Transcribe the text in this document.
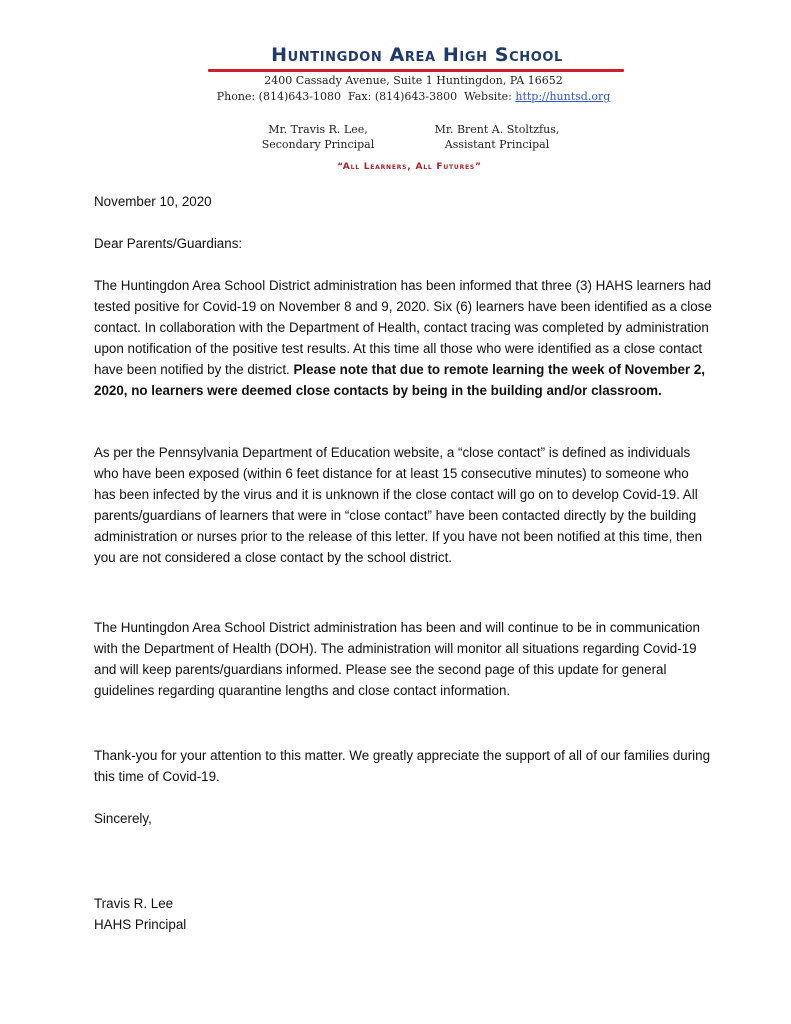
Huntingdon Area High School
2400 Cassady Avenue, Suite 1 Huntingdon, PA 16652
Phone: (814)643-1080 Fax: (814)643-3800 Website: http://huntsd.org
Mr. Travis R. Lee,
Secondary Principal
Mr. Brent A. Stoltzfus,
Assistant Principal
“All Learners, All Futures”
November 10, 2020
Dear Parents/Guardians:

The Huntingdon Area School District administration has been informed that three (3) HAHS learners had tested positive for Covid-19 on November 8 and 9, 2020. Six (6) learners have been identified as a close contact. In collaboration with the Department of Health, contact tracing was completed by administration upon notification of the positive test results. At this time all those who were identified as a close contact have been notified by the district. Please note that due to remote learning the week of November 2, 2020, no learners were deemed close contacts by being in the building and/or classroom.

As per the Pennsylvania Department of Education website, a “close contact” is defined as individuals who have been exposed (within 6 feet distance for at least 15 consecutive minutes) to someone who has been infected by the virus and it is unknown if the close contact will go on to develop Covid-19. All parents/guardians of learners that were in “close contact” have been contacted directly by the building administration or nurses prior to the release of this letter. If you have not been notified at this time, then you are not considered a close contact by the school district.

The Huntingdon Area School District administration has been and will continue to be in communication with the Department of Health (DOH). The administration will monitor all situations regarding Covid-19 and will keep parents/guardians informed. Please see the second page of this update for general guidelines regarding quarantine lengths and close contact information.

Thank-you for your attention to this matter. We greatly appreciate the support of all of our families during this time of Covid-19.

Sincerely,
Travis R. Lee
HAHS Principal
